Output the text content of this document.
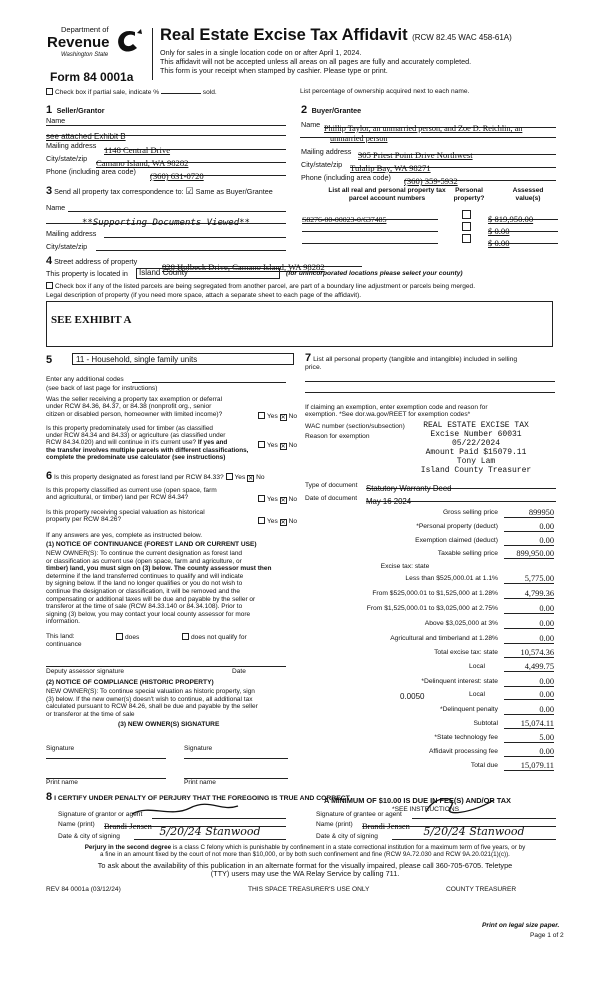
Department of
Revenue
Washington State
Form 84 0001a
Real Estate Excise Tax Affidavit (RCW 82.45 WAC 458-61A)
Only for sales in a single location code on or after April 1, 2024.
This affidavit will not be accepted unless all areas on all pages are fully and accurately completed.
This form is your receipt when stamped by cashier. Please type or print.
Check box if partial sale, indicate %	sold.	List percentage of ownership acquired next to each name.
1 Seller/Grantor
Name
see attached Exhibit B
Mailing address 1148 Central Drive
City/state/zip Camano Island, WA 98282
Phone (including area code) (360) 631-0720
2 Buyer/Grantee
Name Phillip Taylor, an unmarried person, and Zoe D. Reichlin, an
unmarried person
Mailing address 305 Priest Point Drive Northwest
City/state/zip Tulalip Bay, WA 98271
Phone (including area code) (360) 359-5932
3 Send all property tax correspondence to: ☑ Same as Buyer/Grantee
Name
**Supporting Documents Viewed**
Mailing address
City/state/zip
List all real and personal property tax
parcel account numbers
Personal
property?
Assessed
value(s)
S8276-00-00023-0/637485	$ 819,950.00
$ 0.00
$ 0.00
4 Street address of property
828 Holbeck Drive, Camano Island, WA 98282
This property is located in	Island County	(for unincorporated locations please select your county)
Check box if any of the listed parcels are being segregated from another parcel, are part of a boundary line adjustment or parcels being merged.
Legal description of property (if you need more space, attach a separate sheet to each page of the affidavit).
SEE EXHIBIT A
5	11 - Household, single family units
Enter any additional codes
(see back of last page for instructions)
Was the seller receiving a property tax exemption or deferral
under RCW 84.36, 84.37, or 84.38 (nonprofit org., senior
citizen or disabled person, homeowner with limited income)?	Yes ✕ No
Is this property predominately used for timber (as classified
under RCW 84.34 and 84.33) or agriculture (as classified under
RCW 84.34.020) and will continue in it's current use? If yes and
the transfer involves multiple parcels with different classifications,
complete the predominate use calculator (see instructions)
Yes ✕ No
6 Is this property designated as forest land per RCW 84.33? Yes ✕ No
Is this property classified as current use (open space, farm
and agricultural, or timber) land per RCW 84.34?	Yes ✕ No
Is this property receiving special valuation as historical
property per RCW 84.26?	Yes ✕ No
If any answers are yes, complete as instructed below.
(1) NOTICE OF CONTINUANCE (FOREST LAND OR CURRENT USE)
NEW OWNER(S): To continue the current designation as forest land
or classification as current use (open space, farm and agriculture, or
timber) land, you must sign on (3) below. The county assessor must then
determine if the land transferred continues to qualify and will indicate
by signing below. If the land no longer qualifies or you do not wish to
continue the designation or classification, it will be removed and the
compensating or additional taxes will be due and payable by the seller or
transferor at the time of sale (RCW 84.33.140 or 84.34.108). Prior to
signing (3) below, you may contact your local county assessor for more
information.
This land:
continuance
does	does not qualify for
Deputy assessor signature	Date
(2) NOTICE OF COMPLIANCE (HISTORIC PROPERTY)
NEW OWNER(S): To continue special valuation as historic property, sign
(3) below. If the new owner(s) doesn't wish to continue, all additional tax
calculated pursuant to RCW 84.26, shall be due and payable by the seller
or transferor at the time of sale
(3) NEW OWNER(S) SIGNATURE
Signature	Signature
Print name	Print name
7 List all personal property (tangible and intangible) included in selling
price.
If claiming an exemption, enter exemption code and reason for
exemption. *See dor.wa.gov/REET for exemption codes*
WAC number (section/subsection)
Reason for exemption
REAL ESTATE EXCISE TAX
Excise Number 60031
05/22/2024
Amount Paid $15079.11
Tony Lam
Island County Treasurer
Type of document Statutory Warranty Deed
Date of document May 16 2024
Gross selling price	899950
*Personal property (deduct)	0.00
Exemption claimed (deduct)	0.00
Taxable selling price	899,950.00
Excise tax: state
Less than $525,000.01 at 1.1%	5,775.00
From $525,000.01 to $1,525,000 at 1.28%	4,799.36
From $1,525,000.01 to $3,025,000 at 2.75%	0.00
Above $3,025,000 at 3%	0.00
Agricultural and timberland at 1.28%	0.00
Total excise tax: state	10,574.36
Local	4,499.75
*Delinquent interest: state	0.00
Local	0.00
*Delinquent penalty	0.00
Subtotal	15,074.11
*State technology fee	5.00
Affidavit processing fee	0.00
Total due	15,079.11
0.0050
A MINIMUM OF $10.00 IS DUE IN FEE(S) AND/OR TAX
*SEE INSTRUCTIONS
8 I CERTIFY UNDER PENALTY OF PERJURY THAT THE FOREGOING IS TRUE AND CORRECT
Signature of grantor or agent
Name (print) Brandi Jensen
Date & city of signing	5/20/24 Stanwood
Signature of grantee or agent
Name (print) Brandi Jensen
Date & city of signing	5/20/24 Stanwood
Perjury in the second degree is a class C felony which is punishable by confinement in a state correctional institution for a maximum term of five years, or by
a fine in an amount fixed by the court of not more than $10,000, or by both such confinement and fine (RCW 9A.72.030 and RCW 9A.20.021(1)(c)).
To ask about the availability of this publication in an alternate format for the visually impaired, please call 360-705-6705. Teletype
(TTY) users may use the WA Relay Service by calling 711.
REV 84 0001a (03/12/24)	THIS SPACE TREASURER'S USE ONLY	COUNTY TREASURER
Print on legal size paper.
Page 1 of 2
